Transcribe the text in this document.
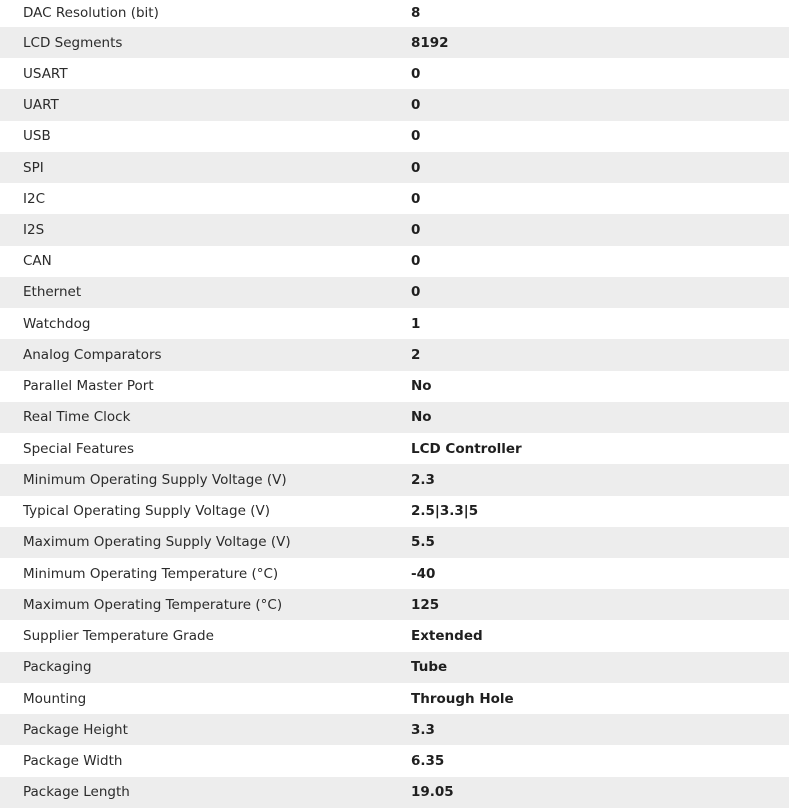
DAC Resolution (bit)	8
LCD Segments	8192
USART	0
UART	0
USB	0
SPI	0
I2C	0
I2S	0
CAN	0
Ethernet	0
Watchdog	1
Analog Comparators	2
Parallel Master Port	No
Real Time Clock	No
Special Features	LCD Controller
Minimum Operating Supply Voltage (V)	2.3
Typical Operating Supply Voltage (V)	2.5|3.3|5
Maximum Operating Supply Voltage (V)	5.5
Minimum Operating Temperature (°C)	-40
Maximum Operating Temperature (°C)	125
Supplier Temperature Grade	Extended
Packaging	Tube
Mounting	Through Hole
Package Height	3.3
Package Width	6.35
Package Length	19.05
